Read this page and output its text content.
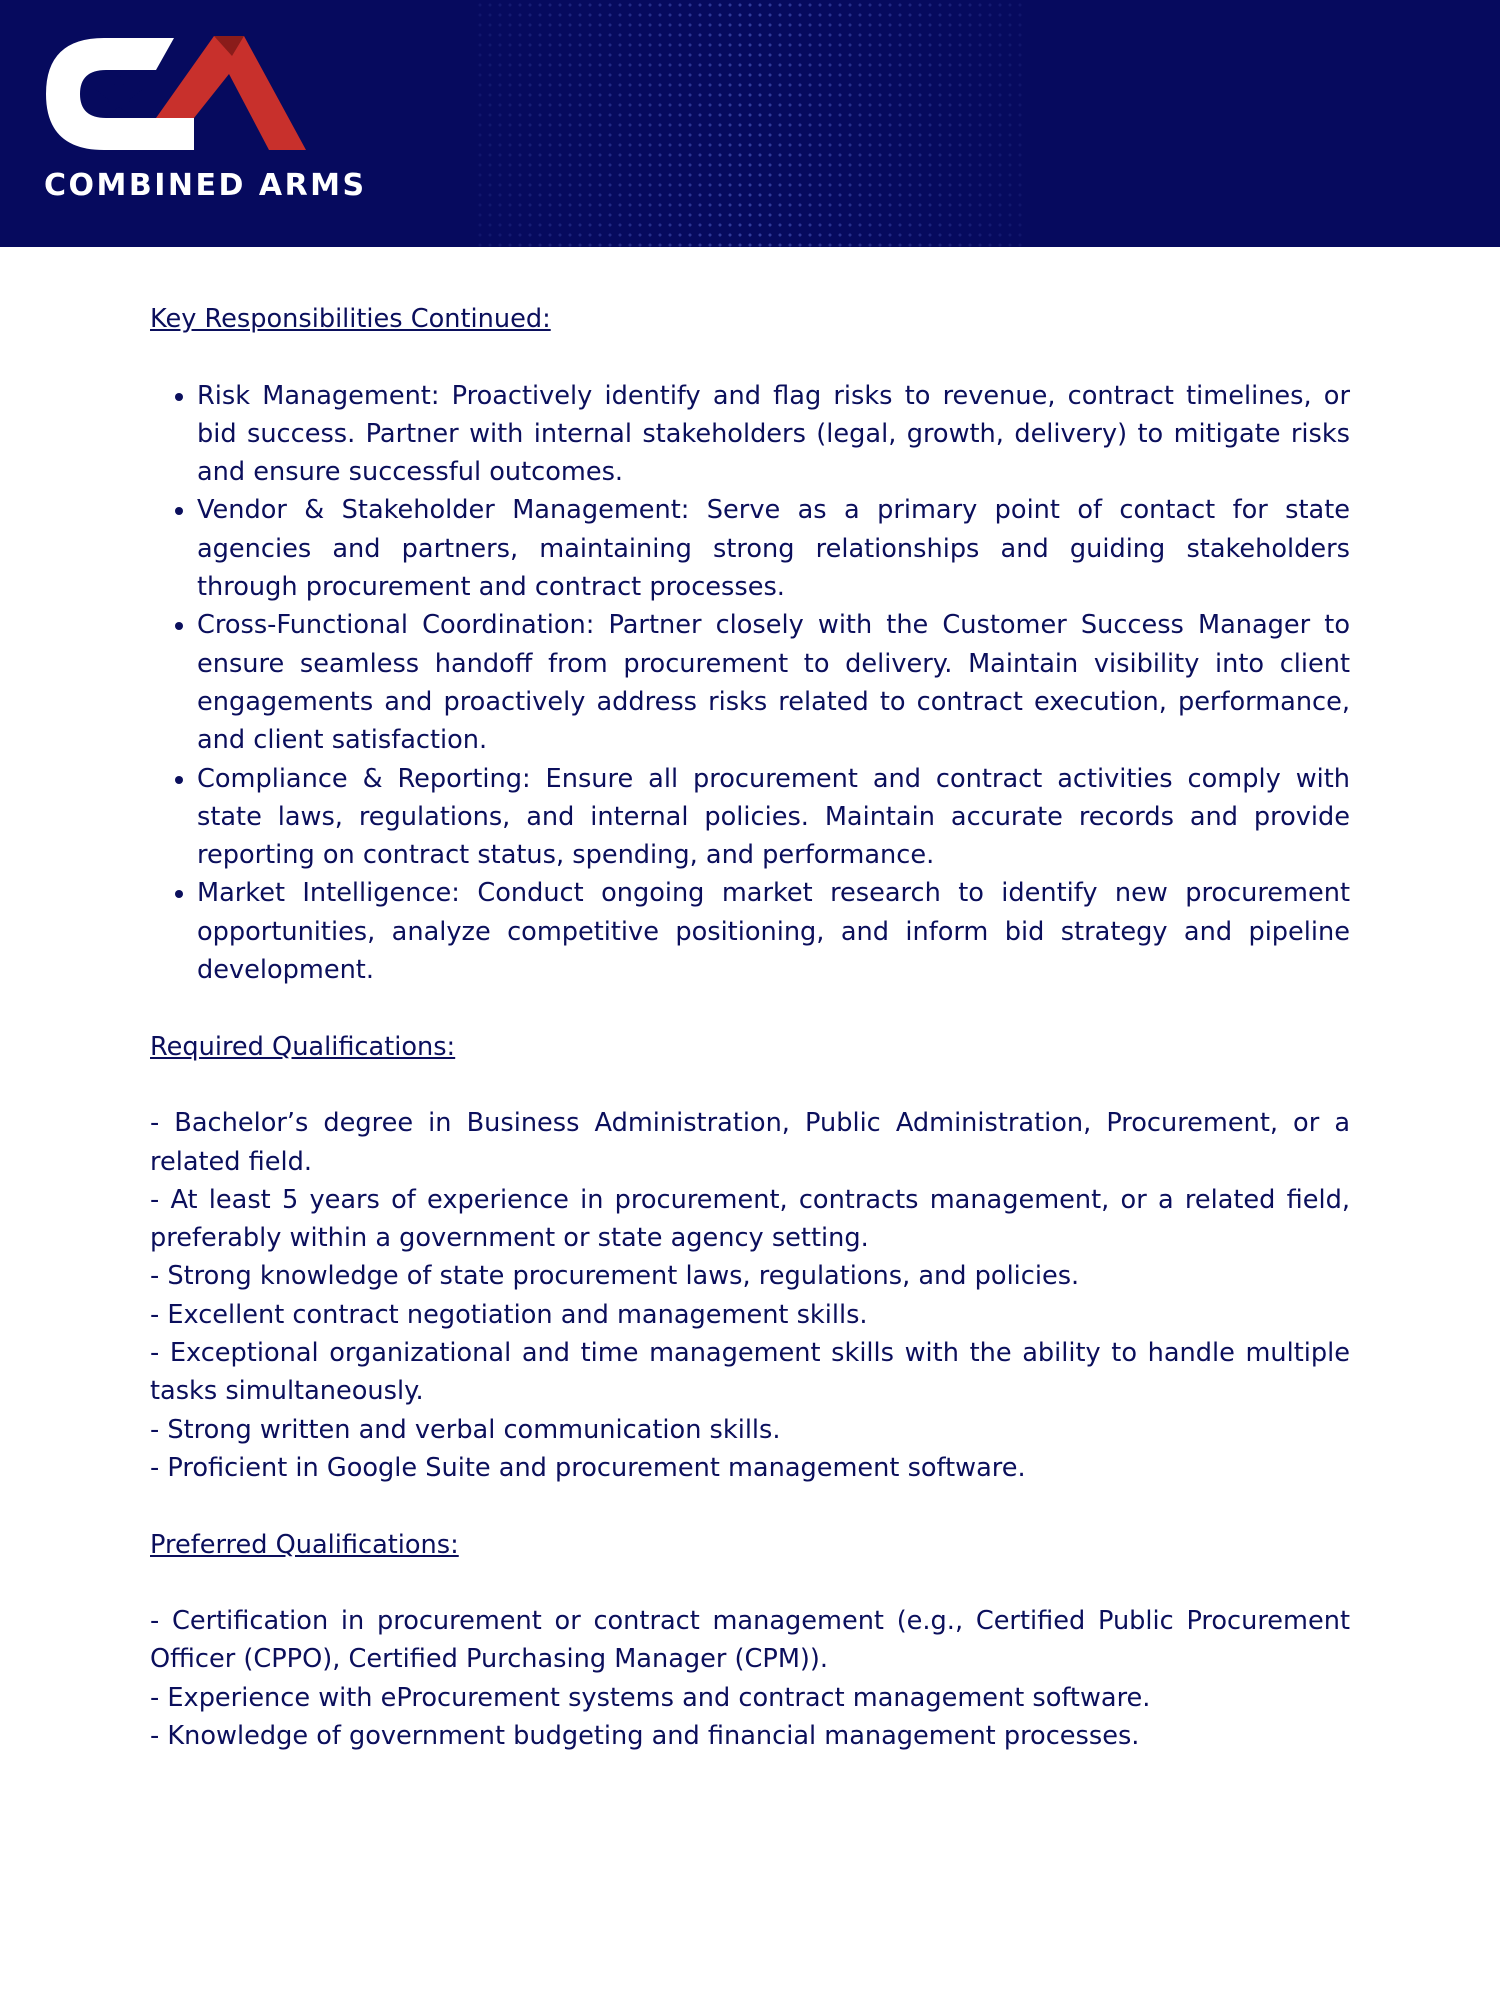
COMBINED ARMS

Key Responsibilities Continued:

• Risk Management: Proactively identify and flag risks to revenue, contract timelines, or bid success. Partner with internal stakeholders (legal, growth, delivery) to mitigate risks and ensure successful outcomes.
• Vendor & Stakeholder Management: Serve as a primary point of contact for state agencies and partners, maintaining strong relationships and guiding stakeholders through procurement and contract processes.
• Cross-Functional Coordination: Partner closely with the Customer Success Manager to ensure seamless handoff from procurement to delivery. Maintain visibility into client engagements and proactively address risks related to contract execution, performance, and client satisfaction.
• Compliance & Reporting: Ensure all procurement and contract activities comply with state laws, regulations, and internal policies. Maintain accurate records and provide reporting on contract status, spending, and performance.
• Market Intelligence: Conduct ongoing market research to identify new procurement opportunities, analyze competitive positioning, and inform bid strategy and pipeline development.

Required Qualifications:

- Bachelor’s degree in Business Administration, Public Administration, Procurement, or a related field.

- At least 5 years of experience in procurement, contracts management, or a related field, preferably within a government or state agency setting.

- Strong knowledge of state procurement laws, regulations, and policies.

- Excellent contract negotiation and management skills.

- Exceptional organizational and time management skills with the ability to handle multiple tasks simultaneously.

- Strong written and verbal communication skills.

- Proficient in Google Suite and procurement management software.

Preferred Qualifications:

- Certification in procurement or contract management (e.g., Certified Public Procurement Officer (CPPO), Certified Purchasing Manager (CPM)).

- Experience with eProcurement systems and contract management software.

- Knowledge of government budgeting and financial management processes.
